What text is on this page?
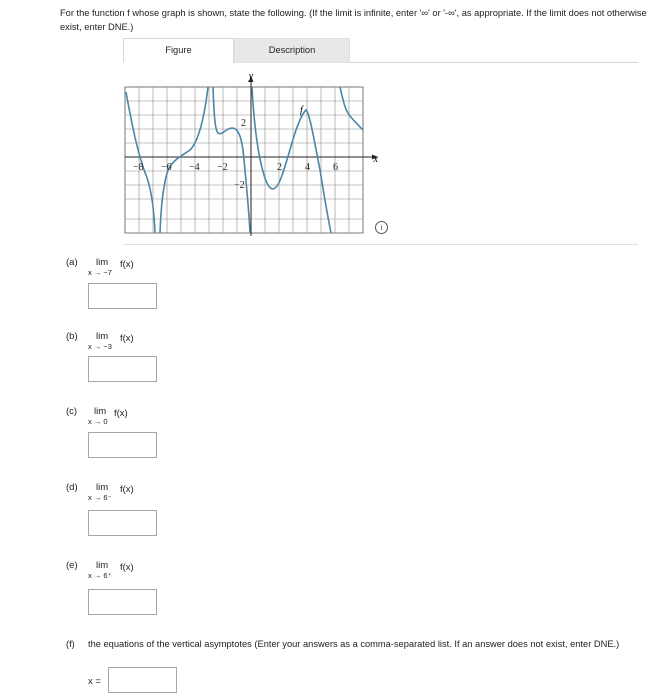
For the function f whose graph is shown, state the following. (If the limit is infinite, enter '∞' or '-∞', as appropriate. If the limit does not otherwise exist, enter DNE.)
Figure	Description
x
y
f
−8 −6 −4 −2	2 4 6
2
−2
i
(a) lim
x → −7
f(x)
(b) lim
x → −3
f(x)
(c) lim
x → 0
f(x)
(d) lim
x → 6⁻
f(x)
(e) lim
x → 6⁺
f(x)
(f) the equations of the vertical asymptotes (Enter your answers as a comma-separated list. If an answer does not exist, enter DNE.)
x =
